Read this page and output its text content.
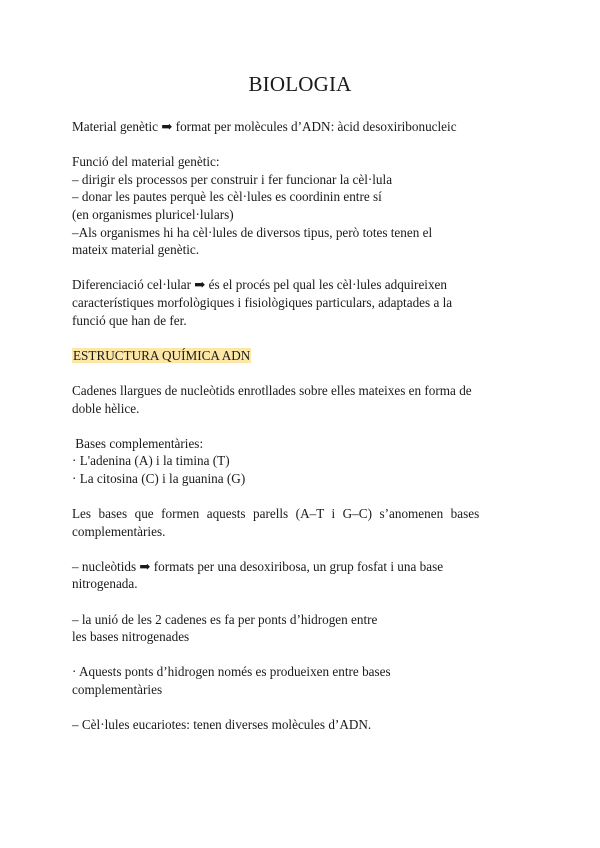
BIOLOGIA

Material genètic ➡ format per molècules d’ADN: àcid desoxiribonucleic

Funció del material genètic:
– dirigir els processos per construir i fer funcionar la cèl·lula
– donar les pautes perquè les cèl·lules es coordinin entre sí
(en organismes pluricel·lulars)
–Als organismes hi ha cèl·lules de diversos tipus, però totes tenen el
mateix material genètic.

Diferenciació cel·lular ➡ és el procés pel qual les cèl·lules adquireixen
característiques morfològiques i fisiològiques particulars, adaptades a la
funció que han de fer.

ESTRUCTURA QUÍMICA ADN

Cadenes llargues de nucleòtids enrotllades sobre elles mateixes en forma de
doble hèlice.

Bases complementàries:
· L'adenina (A) i la timina (T)
· La citosina (C) i la guanina (G)

Les bases que formen aquests parells (A–T i G–C) s’anomenen bases
complementàries.

– nucleòtids ➡ formats per una desoxiribosa, un grup fosfat i una base
nitrogenada.

– la unió de les 2 cadenes es fa per ponts d’hidrogen entre
les bases nitrogenades

· Aquests ponts d’hidrogen només es produeixen entre bases
complementàries

– Cèl·lules eucariotes: tenen diverses molècules d’ADN.
